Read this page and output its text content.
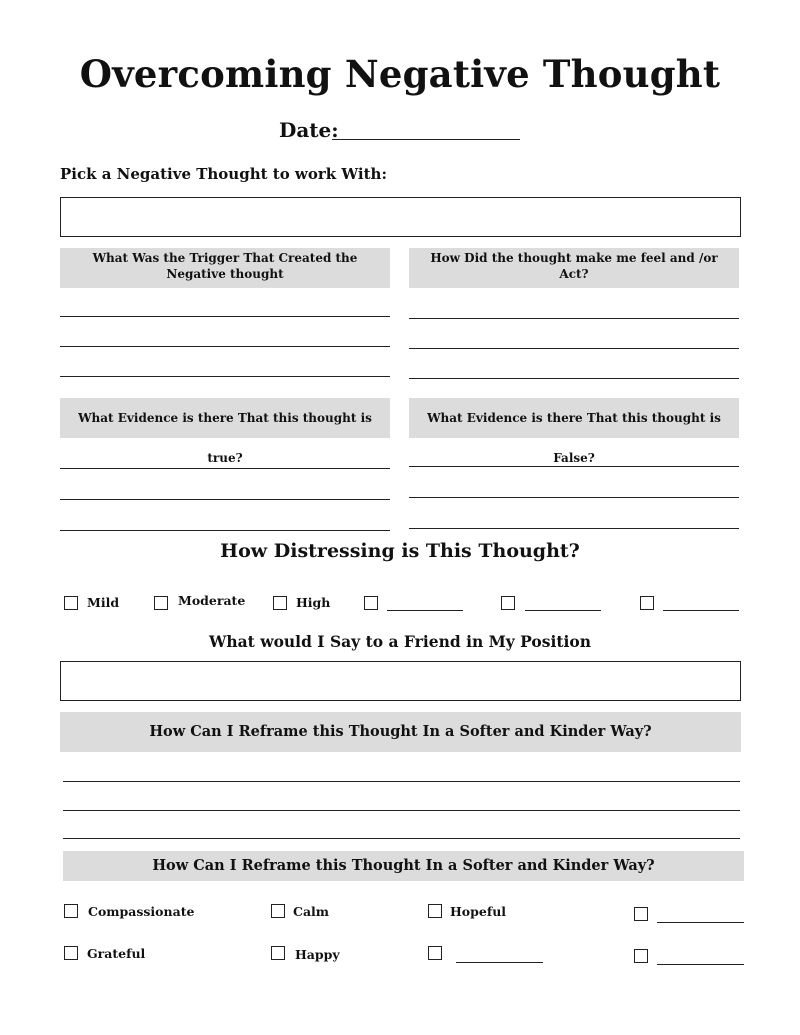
Overcoming Negative Thought
Date:
Pick a Negative Thought to work With:
What Was the Trigger That Created the Negative thought
How Did the thought make me feel and /or Act?
What Evidence is there That this thought is true?
What Evidence is there That this thought is False?
How Distressing is This Thought?
Mild	Moderate	High
What would I Say to a Friend in My Position
How Can I Reframe this Thought In a Softer and Kinder Way?
How Can I Reframe this Thought In a Softer and Kinder Way?
Compassionate	Calm	Hopeful
Grateful	Happy
